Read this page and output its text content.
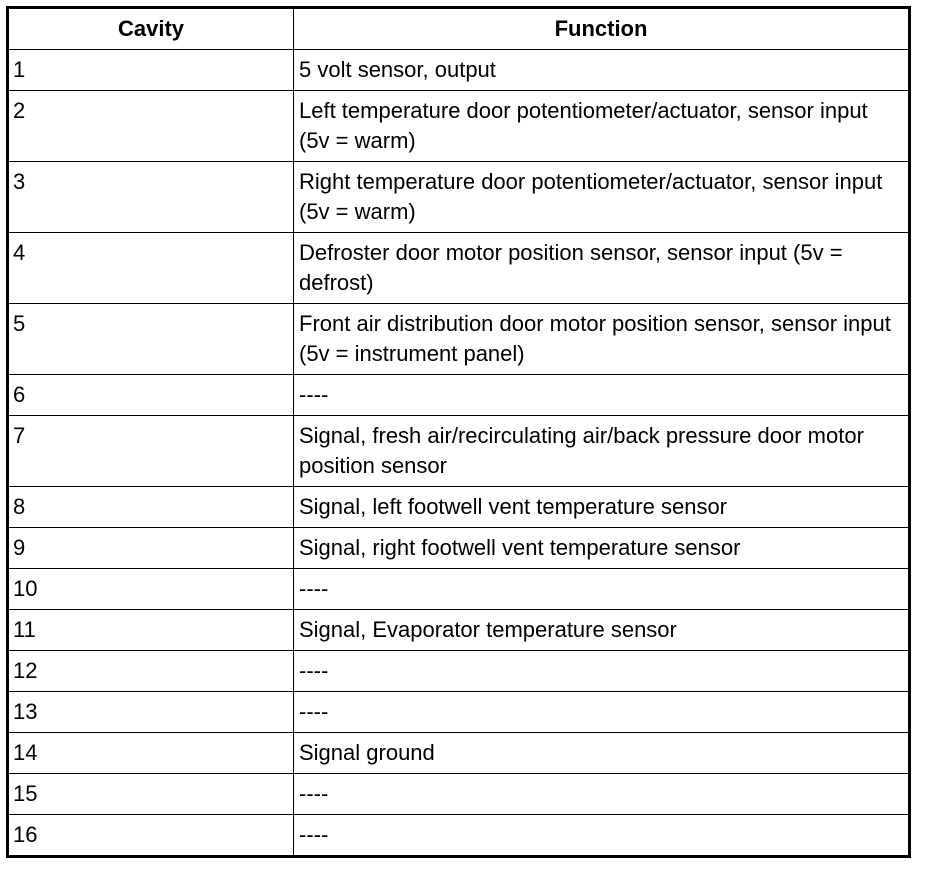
Cavity	Function
1	5 volt sensor, output
2	Left temperature door potentiometer/actuator, sensor input (5v = warm)
3	Right temperature door potentiometer/actuator, sensor input (5v = warm)
4	Defroster door motor position sensor, sensor input (5v = defrost)
5	Front air distribution door motor position sensor, sensor input (5v = instrument panel)
6	----
7	Signal, fresh air/recirculating air/back pressure door motor position sensor
8	Signal, left footwell vent temperature sensor
9	Signal, right footwell vent temperature sensor
10	----
11	Signal, Evaporator temperature sensor
12	----
13	----
14	Signal ground
15	----
16	----
